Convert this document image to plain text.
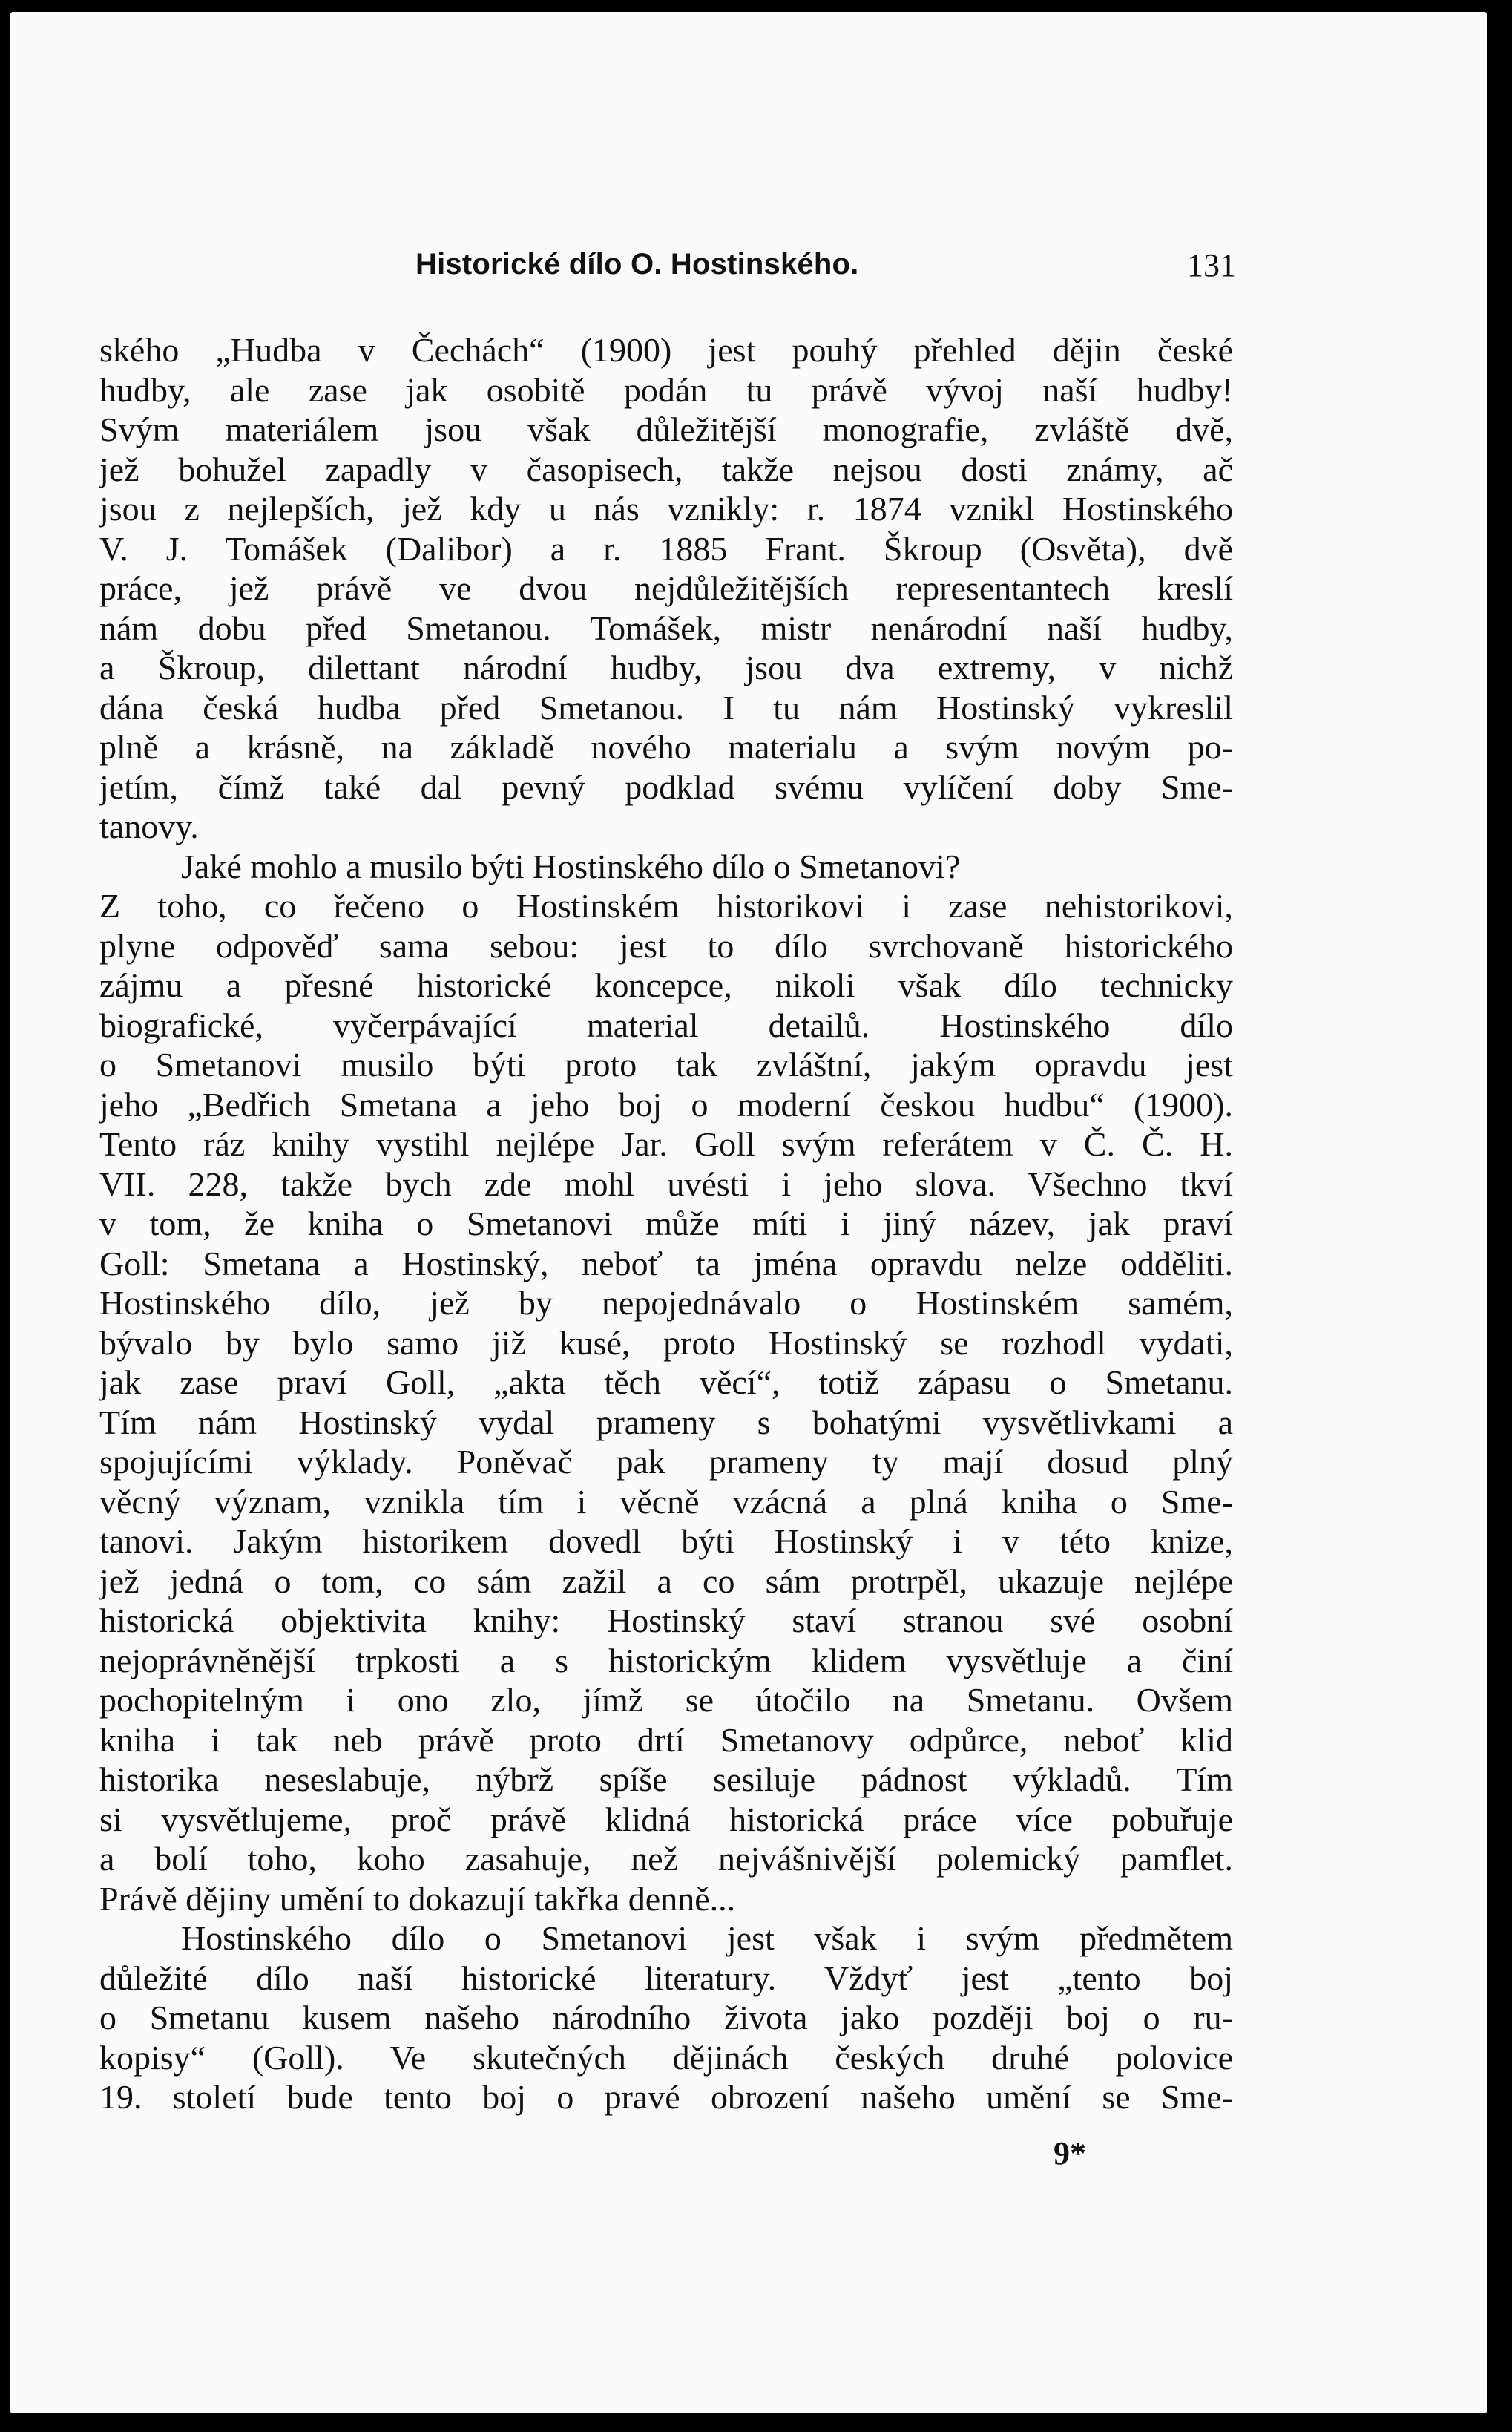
Historické dílo O. Hostinského.	131
ského „Hudba v Čechách“ (1900) jest pouhý přehled dějin české
hudby, ale zase jak osobitě podán tu právě vývoj naší hudby!
Svým materiálem jsou však důležitější monografie, zvláště dvě,
jež bohužel zapadly v časopisech, takže nejsou dosti známy, ač
jsou z nejlepších, jež kdy u nás vznikly: r. 1874 vznikl Hostinského
V. J. Tomášek (Dalibor) a r. 1885 Frant. Škroup (Osvěta), dvě
práce, jež právě ve dvou nejdůležitějších representantech kreslí
nám dobu před Smetanou. Tomášek, mistr nenárodní naší hudby,
a Škroup, dilettant národní hudby, jsou dva extremy, v nichž
dána česká hudba před Smetanou. I tu nám Hostinský vykreslil
plně a krásně, na základě nového materialu a svým novým po-
jetím, čímž také dal pevný podklad svému vylíčení doby Sme-
tanovy.
Jaké mohlo a musilo býti Hostinského dílo o Smetanovi?
Z toho, co řečeno o Hostinském historikovi i zase nehistorikovi,
plyne odpověď sama sebou: jest to dílo svrchovaně historického
zájmu a přesné historické koncepce, nikoli však dílo technicky
biografické, vyčerpávající material detailů. Hostinského dílo
o Smetanovi musilo býti proto tak zvláštní, jakým opravdu jest
jeho „Bedřich Smetana a jeho boj o moderní českou hudbu“ (1900).
Tento ráz knihy vystihl nejlépe Jar. Goll svým referátem v Č. Č. H.
VII. 228, takže bych zde mohl uvésti i jeho slova. Všechno tkví
v tom, že kniha o Smetanovi může míti i jiný název, jak praví
Goll: Smetana a Hostinský, neboť ta jména opravdu nelze odděliti.
Hostinského dílo, jež by nepojednávalo o Hostinském samém,
bývalo by bylo samo již kusé, proto Hostinský se rozhodl vydati,
jak zase praví Goll, „akta těch věcí“, totiž zápasu o Smetanu.
Tím nám Hostinský vydal prameny s bohatými vysvětlivkami a
spojujícími výklady. Poněvač pak prameny ty mají dosud plný
věcný význam, vznikla tím i věcně vzácná a plná kniha o Sme-
tanovi. Jakým historikem dovedl býti Hostinský i v této knize,
jež jedná o tom, co sám zažil a co sám protrpěl, ukazuje nejlépe
historická objektivita knihy: Hostinský staví stranou své osobní
nejoprávněnější trpkosti a s historickým klidem vysvětluje a činí
pochopitelným i ono zlo, jímž se útočilo na Smetanu. Ovšem
kniha i tak neb právě proto drtí Smetanovy odpůrce, neboť klid
historika neseslabuje, nýbrž spíše sesiluje pádnost výkladů. Tím
si vysvětlujeme, proč právě klidná historická práce více pobuřuje
a bolí toho, koho zasahuje, než nejvášnivější polemický pamflet.
Právě dějiny umění to dokazují takřka denně...
Hostinského dílo o Smetanovi jest však i svým předmětem
důležité dílo naší historické literatury. Vždyť jest „tento boj
o Smetanu kusem našeho národního života jako později boj o ru-
kopisy“ (Goll). Ve skutečných dějinách českých druhé polovice
19. století bude tento boj o pravé obrození našeho umění se Sme-
9*
